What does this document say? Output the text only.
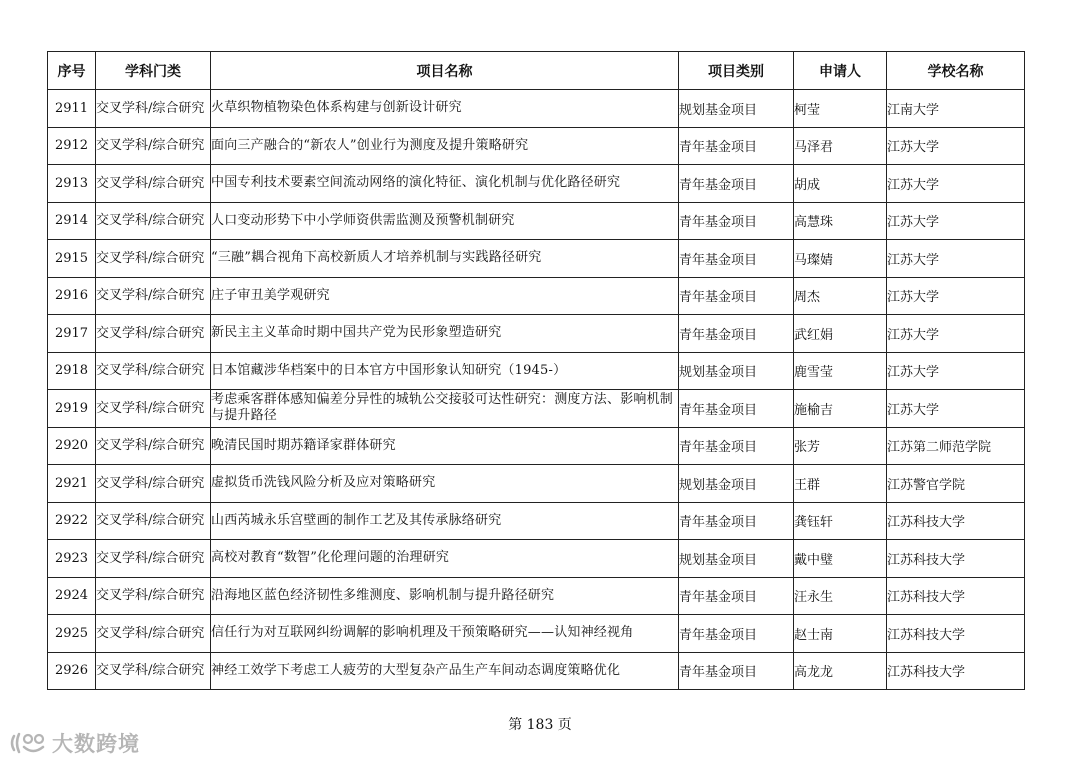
序号	学科门类	项目名称	项目类别	申请人	学校名称
2911	交叉学科/综合研究	火草织物植物染色体系构建与创新设计研究	规划基金项目	柯莹	江南大学
2912	交叉学科/综合研究	面向三产融合的“新农人”创业行为测度及提升策略研究	青年基金项目	马泽君	江苏大学
2913	交叉学科/综合研究	中国专利技术要素空间流动网络的演化特征、演化机制与优化路径研究	青年基金项目	胡成	江苏大学
2914	交叉学科/综合研究	人口变动形势下中小学师资供需监测及预警机制研究	青年基金项目	高慧珠	江苏大学
2915	交叉学科/综合研究	“三融”耦合视角下高校新质人才培养机制与实践路径研究	青年基金项目	马璨婧	江苏大学
2916	交叉学科/综合研究	庄子审丑美学观研究	青年基金项目	周杰	江苏大学
2917	交叉学科/综合研究	新民主主义革命时期中国共产党为民形象塑造研究	青年基金项目	武红娟	江苏大学
2918	交叉学科/综合研究	日本馆藏涉华档案中的日本官方中国形象认知研究（1945-）	规划基金项目	鹿雪莹	江苏大学
2919	交叉学科/综合研究	考虑乘客群体感知偏差分异性的城轨公交接驳可达性研究：测度方法、影响机制与提升路径	青年基金项目	施榆吉	江苏大学
2920	交叉学科/综合研究	晚清民国时期苏籍译家群体研究	青年基金项目	张芳	江苏第二师范学院
2921	交叉学科/综合研究	虚拟货币洗钱风险分析及应对策略研究	规划基金项目	王群	江苏警官学院
2922	交叉学科/综合研究	山西芮城永乐宫壁画的制作工艺及其传承脉络研究	青年基金项目	龚钰轩	江苏科技大学
2923	交叉学科/综合研究	高校对教育“数智”化伦理问题的治理研究	规划基金项目	戴中璧	江苏科技大学
2924	交叉学科/综合研究	沿海地区蓝色经济韧性多维测度、影响机制与提升路径研究	青年基金项目	汪永生	江苏科技大学
2925	交叉学科/综合研究	信任行为对互联网纠纷调解的影响机理及干预策略研究——认知神经视角	青年基金项目	赵士南	江苏科技大学
2926	交叉学科/综合研究	神经工效学下考虑工人疲劳的大型复杂产品生产车间动态调度策略优化	青年基金项目	高龙龙	江苏科技大学
第 183 页
大数跨境
